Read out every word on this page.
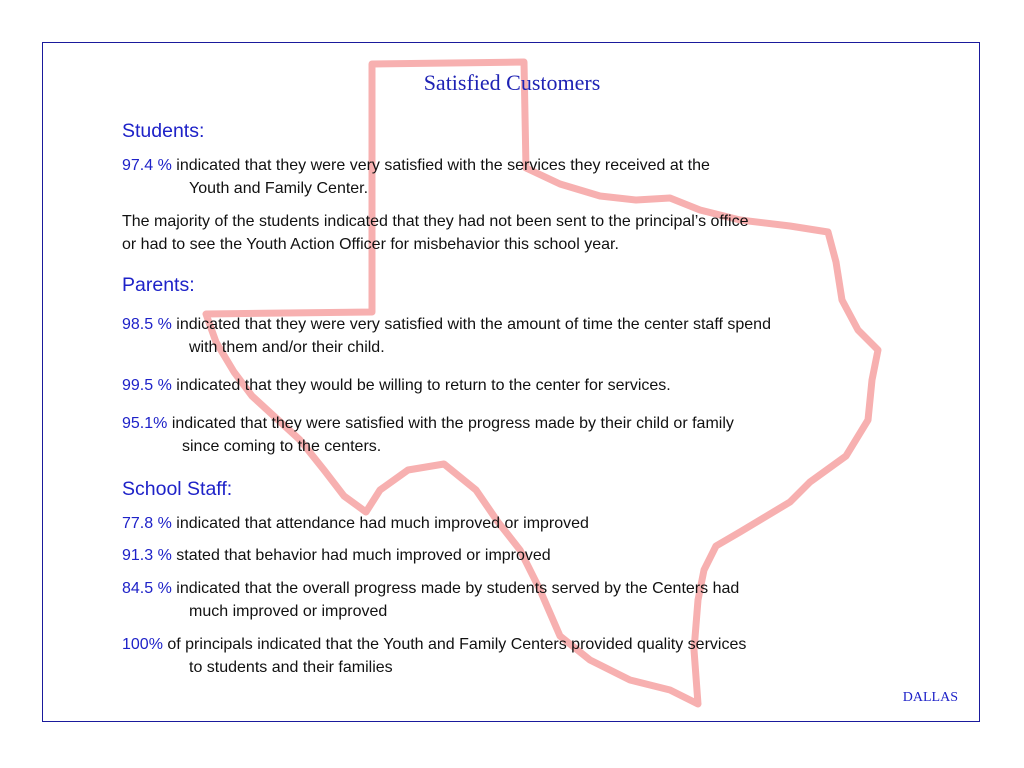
Satisfied Customers
Students:
97.4 % indicated that they were very satisfied with the services they received at the
Youth and Family Center.
The majority of the students indicated that they had not been sent to the principal’s office
or had to see the Youth Action Officer for misbehavior this school year.
Parents:
98.5 % indicated that they were very satisfied with the amount of time the center staff spend
with them and/or their child.
99.5 % indicated that they would be willing to return to the center for services.
95.1% indicated that they were satisfied with the progress made by their child or family
since coming to the centers.
School Staff:
77.8 % indicated that attendance had much improved or improved
91.3 % stated that behavior had much improved or improved
84.5 % indicated that the overall progress made by students served by the Centers had
much improved or improved
100% of principals indicated that the Youth and Family Centers provided quality services
to students and their families
DALLAS
